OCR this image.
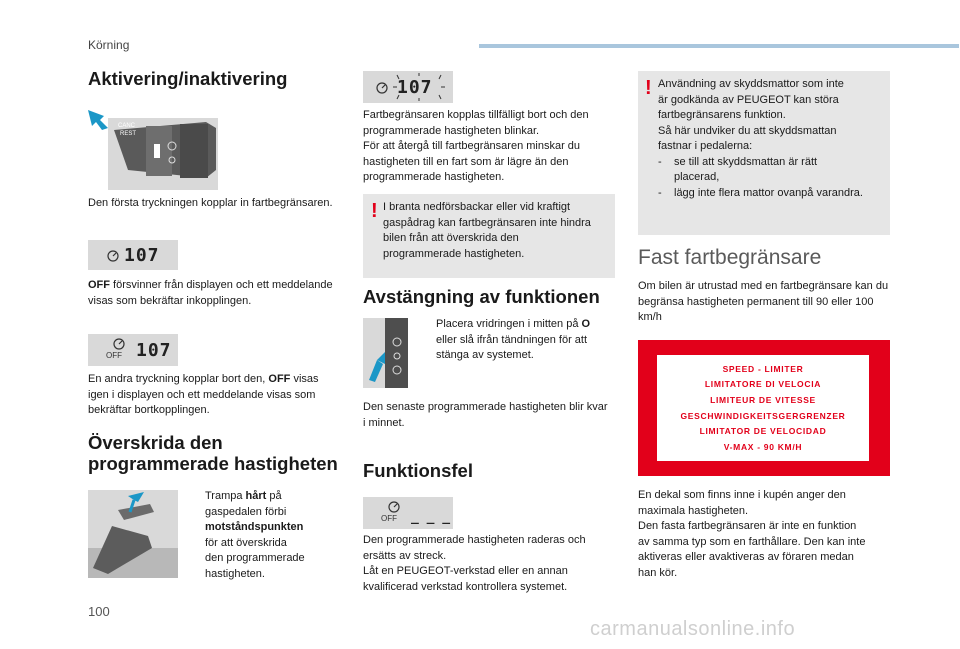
Körning
Aktivering/inaktivering
CANC
REST
Den första tryckningen kopplar in fartbegränsaren.
107
OFF försvinner från displayen och ett meddelande visas som bekräftar inkopplingen.
OFF 107
En andra tryckning kopplar bort den, OFF visas igen i displayen och ett meddelande visas som bekräftar bortkopplingen.
Överskrida den
programmerade hastigheten
Trampa hårt på
gaspedalen förbi
motståndspunkten
för att överskrida
den programmerade
hastigheten.
107
Fartbegränsaren kopplas tillfälligt bort och den programmerade hastigheten blinkar.
För att återgå till fartbegränsaren minskar du hastigheten till en fart som är lägre än den programmerade hastigheten.
! I branta nedförsbackar eller vid kraftigt gaspådrag kan fartbegränsaren inte hindra bilen från att överskrida den programmerade hastigheten.
Avstängning av funktionen
Placera vridringen i mitten på O eller slå ifrån tändningen för att stänga av systemet.
Den senaste programmerade hastigheten blir kvar i minnet.
Funktionsfel
OFF _ _ _
Den programmerade hastigheten raderas och ersätts av streck.
Låt en PEUGEOT-verkstad eller en annan kvalificerad verkstad kontrollera systemet.
! Användning av skyddsmattor som inte
är godkända av PEUGEOT kan störa
fartbegränsarens funktion.
Så här undviker du att skyddsmattan
fastnar i pedalerna:
-	se till att skyddsmattan är rätt
placerad,
-	lägg inte flera mattor ovanpå varandra.
Fast fartbegränsare
Om bilen är utrustad med en fartbegränsare kan du begränsa hastigheten permanent till 90 eller 100 km/h
SPEED - LIMITER
LIMITATORE DI VELOCIA
LIMITEUR DE VITESSE
GESCHWINDIGKEITSGERGRENZER
LIMITATOR DE VELOCIDAD
V-MAX - 90 KM/H
En dekal som finns inne i kupén anger den
maximala hastigheten.
Den fasta fartbegränsaren är inte en funktion
av samma typ som en farthållare. Den kan inte
aktiveras eller avaktiveras av föraren medan
han kör.
100
carmanualsonline.info
